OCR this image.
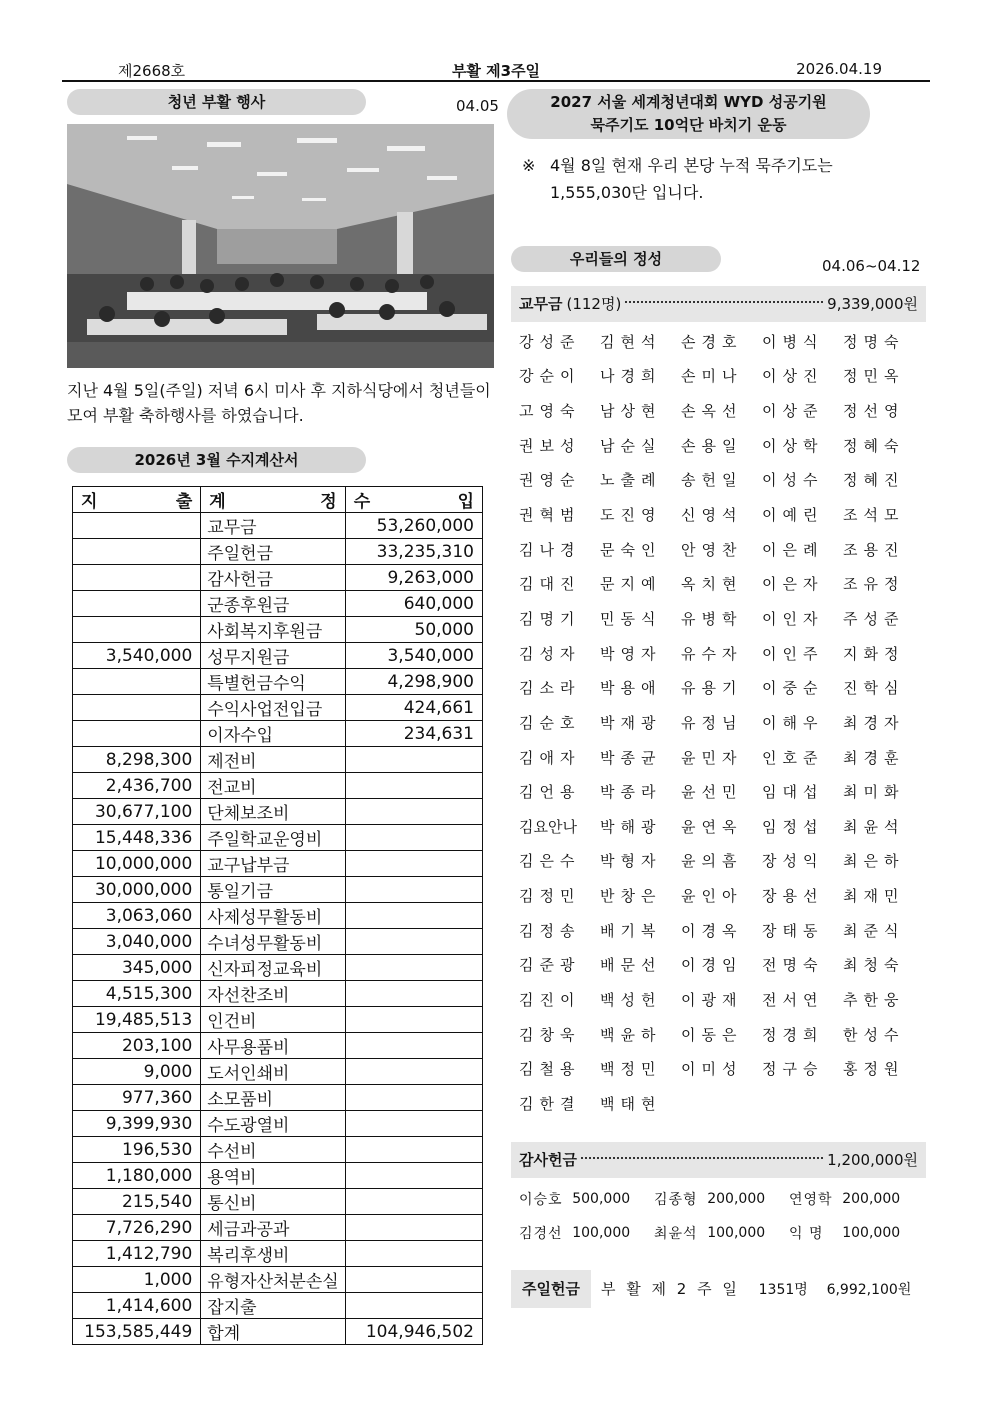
제2668호	부활 제3주일	2026.04.19
청년 부활 행사	04.05

지난 4월 5일(주일) 저녁 6시 미사 후 지하식당에서 청년들이 모여 부활 축하행사를 하였습니다.

2026년 3월 수지계산서
지 출	계 정	수 입
	교무금	53,260,000
	주일헌금	33,235,310
	감사헌금	9,263,000
	군종후원금	640,000
	사회복지후원금	50,000
3,540,000	성무지원금	3,540,000
	특별헌금수익	4,298,900
	수익사업전입금	424,661
	이자수입	234,631
8,298,300	제전비	
2,436,700	전교비	
30,677,100	단체보조비	
15,448,336	주일학교운영비	
10,000,000	교구납부금	
30,000,000	통일기금	
3,063,060	사제성무활동비	
3,040,000	수녀성무활동비	
345,000	신자피정교육비	
4,515,300	자선찬조비	
19,485,513	인건비	
203,100	사무용품비	
9,000	도서인쇄비	
977,360	소모품비	
9,399,930	수도광열비	
196,530	수선비	
1,180,000	용역비	
215,540	통신비	
7,726,290	세금과공과	
1,412,790	복리후생비	
1,000	유형자산처분손실	
1,414,600	잡지출	
153,585,449	합계	104,946,502
2027 서울 세계청년대회 WYD 성공기원
묵주기도 10억단 바치기 운동
※ 4월 8일 현재 우리 본당 누적 묵주기도는
1,555,030단 입니다.
우리들의 정성	04.06~04.12
교무금 (112명)	9,339,000원
강성준	김현석	손경호	이병식	정명숙
강순이	나경희	손미나	이상진	정민옥
고영숙	남상현	손옥선	이상준	정선영
권보성	남순실	손용일	이상학	정혜숙
권영순	노출례	송헌일	이성수	정혜진
권혁범	도진영	신영석	이예린	조석모
김나경	문숙인	안영찬	이은례	조용진
김대진	문지예	옥치현	이은자	조유정
김명기	민동식	유병학	이인자	주성준
김성자	박영자	유수자	이인주	지화정
김소라	박용애	유용기	이중순	진학심
김순호	박재광	유정님	이해우	최경자
김애자	박종균	윤민자	인호준	최경훈
김언용	박종라	윤선민	임대섭	최미화
김요안나	박해광	윤연옥	임정섭	최윤석
김은수	박형자	윤의흠	장성익	최은하
김정민	반창은	윤인아	장용선	최재민
김정송	배기복	이경옥	장태동	최준식
김준광	배문선	이경임	전명숙	최청숙
김진이	백성헌	이광재	전서연	추한웅
김창욱	백윤하	이동은	정경희	한성수
김철용	백정민	이미성	정구승	홍정원
김한결	백태현
감사헌금	1,200,000원
이승호 500,000	김종형 200,000	연영학 200,000
김경선 100,000	최윤석 100,000	익 명	100,000
주일헌금	부 활 제 2 주 일 1351명 6,992,100원
